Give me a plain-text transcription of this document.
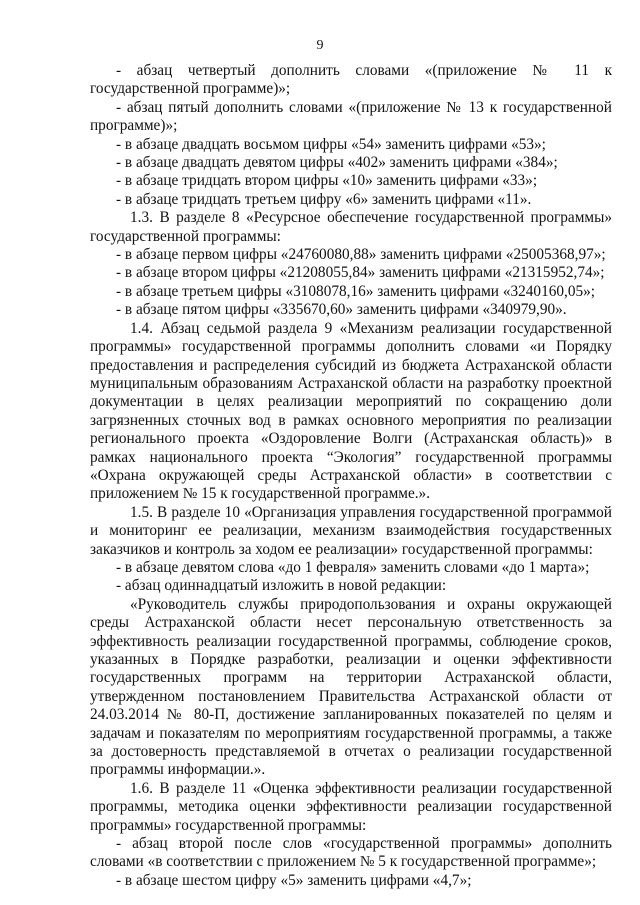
9

- абзац четвертый дополнить словами «(приложение № 11 к государственной программе)»;

- абзац пятый дополнить словами «(приложение № 13 к государственной программе)»;

- в абзаце двадцать восьмом цифры «54» заменить цифрами «53»;

- в абзаце двадцать девятом цифры «402» заменить цифрами «384»;

- в абзаце тридцать втором цифры «10» заменить цифрами «33»;

- в абзаце тридцать третьем цифру «6» заменить цифрами «11».

1.3. В разделе 8 «Ресурсное обеспечение государственной программы» государственной программы:

- в абзаце первом цифры «24760080,88» заменить цифрами «25005368,97»;

- в абзаце втором цифры «21208055,84» заменить цифрами «21315952,74»;

- в абзаце третьем цифры «3108078,16» заменить цифрами «3240160,05»;

- в абзаце пятом цифры «335670,60» заменить цифрами «340979,90».

1.4. Абзац седьмой раздела 9 «Механизм реализации государственной программы» государственной программы дополнить словами «и Порядку предоставления и распределения субсидий из бюджета Астраханской области муниципальным образованиям Астраханской области на разработку проектной документации в целях реализации мероприятий по сокращению доли загрязненных сточных вод в рамках основного мероприятия по реализации регионального проекта «Оздоровление Волги (Астраханская область)» в рамках национального проекта “Экология” государственной программы «Охрана окружающей среды Астраханской области» в соответствии с приложением № 15 к государственной программе.».

1.5. В разделе 10 «Организация управления государственной программой и мониторинг ее реализации, механизм взаимодействия государственных заказчиков и контроль за ходом ее реализации» государственной программы:

- в абзаце девятом слова «до 1 февраля» заменить словами «до 1 марта»;

- абзац одиннадцатый изложить в новой редакции:

«Руководитель службы природопользования и охраны окружающей среды Астраханской области несет персональную ответственность за эффективность реализации государственной программы, соблюдение сроков, указанных в Порядке разработки, реализации и оценки эффективности государственных программ на территории Астраханской области, утвержденном постановлением Правительства Астраханской области от 24.03.2014 № 80-П, достижение запланированных показателей по целям и задачам и показателям по мероприятиям государственной программы, а также за достоверность представляемой в отчетах о реализации государственной программы информации.».

1.6. В разделе 11 «Оценка эффективности реализации государственной программы, методика оценки эффективности реализации государственной программы» государственной программы:

- абзац второй после слов «государственной программы» дополнить словами «в соответствии с приложением № 5 к государственной программе»;

- в абзаце шестом цифру «5» заменить цифрами «4,7»;
